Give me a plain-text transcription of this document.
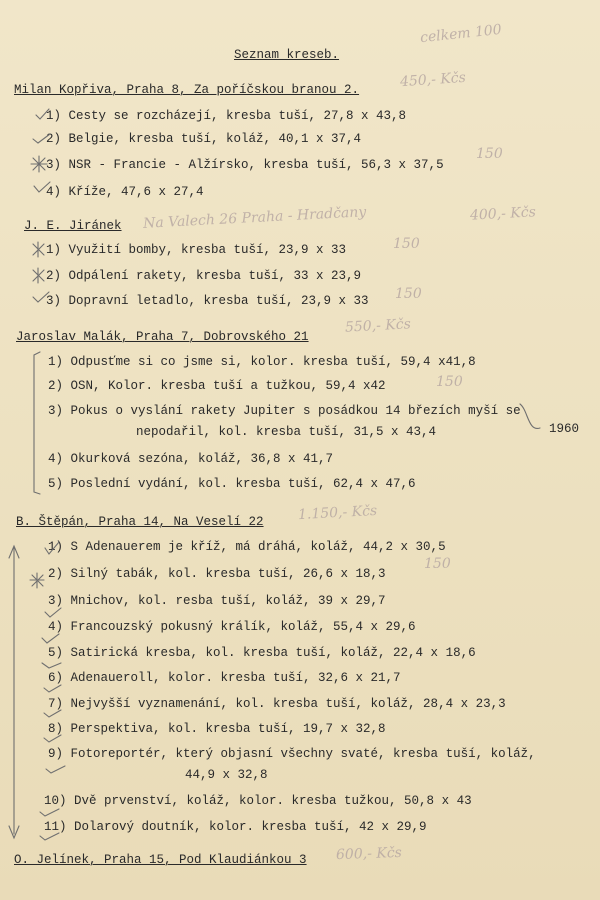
Seznam kreseb.
celkem 100
Milan Kopřiva, Praha 8, Za poříčskou branou 2.	450,- Kčs
1) Cesty se rozcházejí, kresba tuší, 27,8 x 43,8
2) Belgie, kresba tuší, koláž, 40,1 x 37,4
3) NSR - Francie - Alžírsko, kresba tuší, 56,3 x 37,5
150
4) Kříže, 47,6 x 27,4
J. E. Jiránek Na Valech 26 Praha - Hradčany	400,- Kčs
1) Využití bomby, kresba tuší, 23,9 x 33	150
2) Odpálení rakety, kresba tuší, 33 x 23,9
3) Dopravní letadlo, kresba tuší, 23,9 x 33 150
Jaroslav Malák, Praha 7, Dobrovského 21
550,- Kčs
1) Odpusťme si co jsme si, kolor. kresba tuší, 59,4 x41,8
2) OSN, Kolor. kresba tuší a tužkou, 59,4 x42	150
3) Pokus o vyslání rakety Jupiter s posádkou 14 březích myší se
nepodařil, kol. kresba tuší, 31,5 x 43,4	1960
4) Okurková sezóna, koláž, 36,8 x 41,7
5) Poslední vydání, kol. kresba tuší, 62,4 x 47,6
B. Štěpán, Praha 14, Na Veselí 22 1.150,- Kčs
1) S Adenauerem je kříž, má dráhá, koláž, 44,2 x 30,5
2) Silný tabák, kol. kresba tuší, 26,6 x 18,3
150
3) Mnichov, kol. resba tuší, koláž, 39 x 29,7
4) Francouzský pokusný králík, koláž, 55,4 x 29,6
5) Satirická kresba, kol. kresba tuší, koláž, 22,4 x 18,6
6) Adenaueroll, kolor. kresba tuší, 32,6 x 21,7
7) Nejvyšší vyznamenání, kol. kresba tuší, koláž, 28,4 x 23,3
8) Perspektiva, kol. kresba tuší, 19,7 x 32,8
9) Fotoreportér, který objasní všechny svaté, kresba tuší, koláž,
44,9 x 32,8
10) Dvě prvenství, koláž, kolor. kresba tužkou, 50,8 x 43
11) Dolarový doutník, kolor. kresba tuší, 42 x 29,9
O. Jelínek, Praha 15, Pod Klaudiánkou 3 600,- Kčs
